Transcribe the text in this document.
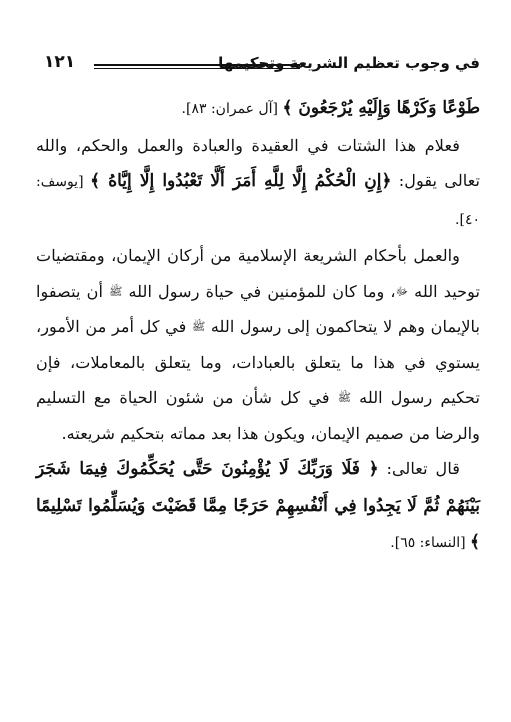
في وجوب تعظيم الشريعة وتحكيمها
١٢١

طَوْعًا وَكَرْهًا وَإِلَيْهِ يُرْجَعُونَ ﴾ [آل عمران: ٨٣].

فعلام هذا الشتات في العقيدة والعبادة والعمل والحكم، والله تعالى يقول: ﴿إِنِ الْحُكْمُ إِلَّا لِلَّهِ أَمَرَ أَلَّا تَعْبُدُوا إِلَّا إِيَّاهُ ﴾ [يوسف: ٤٠].

والعمل بأحكام الشريعة الإسلامية من أركان الإيمان، ومقتضيات توحيد الله ﷻ، وما كان للمؤمنين في حياة رسول الله ﷺ أن يتصفوا بالإيمان وهم لا يتحاكمون إلى رسول الله ﷺ في كل أمر من الأمور، يستوي في هذا ما يتعلق بالعبادات، وما يتعلق بالمعاملات، فإن تحكيم رسول الله ﷺ في كل شأن من شئون الحياة مع التسليم والرضا من صميم الإيمان، ويكون هذا بعد مماته بتحكيم شريعته.

قال تعالى: ﴿ فَلَا وَرَبِّكَ لَا يُؤْمِنُونَ حَتَّى يُحَكِّمُوكَ فِيمَا شَجَرَ بَيْنَهُمْ ثُمَّ لَا يَجِدُوا فِي أَنْفُسِهِمْ حَرَجًا مِمَّا قَضَيْتَ وَيُسَلِّمُوا تَسْلِيمًا ﴾ [النساء: ٦٥].
